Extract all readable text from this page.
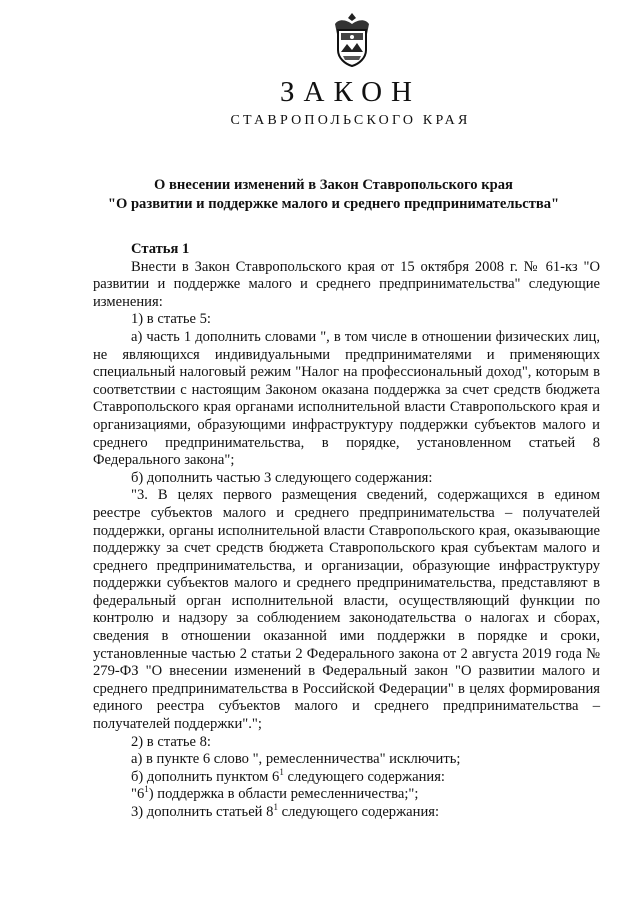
ЗАКОН
СТАВРОПОЛЬСКОГО КРАЯ
О внесении изменений в Закон Ставропольского края
"О развитии и поддержке малого и среднего предпринимательства"

Статья 1

Внести в Закон Ставропольского края от 15 октября 2008 г. № 61-кз "О развитии и поддержке малого и среднего предпринимательства" следующие изменения:

1) в статье 5:

а) часть 1 дополнить словами ", в том числе в отношении физических лиц, не являющихся индивидуальными предпринимателями и применяющих специальный налоговый режим "Налог на профессиональный доход", которым в соответствии с настоящим Законом оказана поддержка за счет средств бюджета Ставропольского края органами исполнительной власти Ставропольского края и организациями, образующими инфраструктуру поддержки субъектов малого и среднего предпринимательства, в порядке, установленном статьей 8 Федерального закона";

б) дополнить частью 3 следующего содержания:

"3. В целях первого размещения сведений, содержащихся в едином реестре субъектов малого и среднего предпринимательства – получателей поддержки, органы исполнительной власти Ставропольского края, оказывающие поддержку за счет средств бюджета Ставропольского края субъектам малого и среднего предпринимательства, и организации, образующие инфраструктуру поддержки субъектов малого и среднего предпринимательства, представляют в федеральный орган исполнительной власти, осуществляющий функции по контролю и надзору за соблюдением законодательства о налогах и сборах, сведения в отношении оказанной ими поддержки в порядке и сроки, установленные частью 2 статьи 2 Федерального закона от 2 августа 2019 года № 279-ФЗ "О внесении изменений в Федеральный закон "О развитии малого и среднего предпринимательства в Российской Федерации" в целях формирования единого реестра субъектов малого и среднего предпринимательства – получателей поддержки".";

2) в статье 8:

а) в пункте 6 слово ", ремесленничества" исключить;

б) дополнить пунктом $6^1$ следующего содержания:

"$6^1$) поддержка в области ремесленничества;";

3) дополнить статьей $8^1$ следующего содержания:
